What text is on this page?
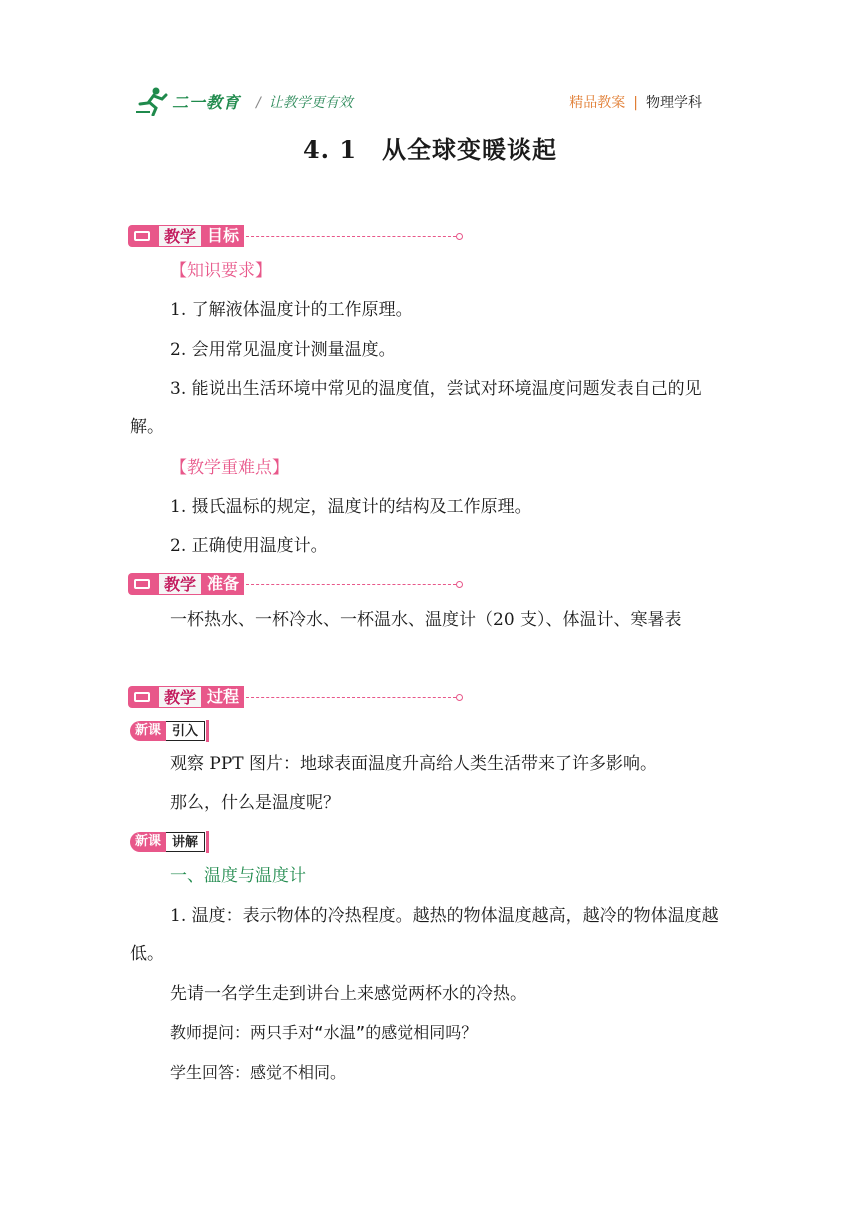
二一教育 / 让教学更有效	精品教案 | 物理学科
4. 1　从全球变暖谈起
教学 目标
【知识要求】
1. 了解液体温度计的工作原理。
2. 会用常见温度计测量温度。
3. 能说出生活环境中常见的温度值，尝试对环境温度问题发表自己的见解。
【教学重难点】
1. 摄氏温标的规定，温度计的结构及工作原理。
2. 正确使用温度计。
教学 准备
一杯热水、一杯冷水、一杯温水、温度计（20 支）、体温计、寒暑表
教学 过程
新课 引入
观察 PPT 图片：地球表面温度升高给人类生活带来了许多影响。
那么，什么是温度呢？
新课 讲解
一、温度与温度计
1. 温度：表示物体的冷热程度。越热的物体温度越高，越冷的物体温度越低。
先请一名学生走到讲台上来感觉两杯水的冷热。
教师提问：两只手对“水温”的感觉相同吗？
学生回答：感觉不相同。
